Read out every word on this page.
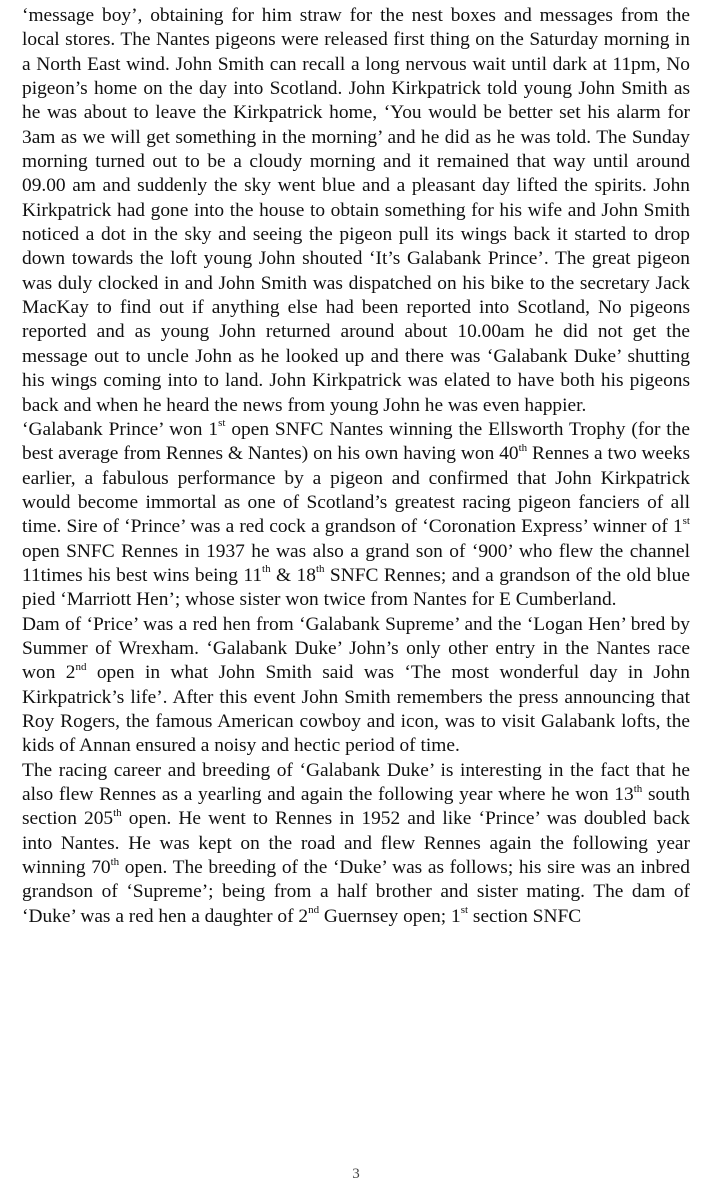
‘message boy’, obtaining for him straw for the nest boxes and messages from the local stores. The Nantes pigeons were released first thing on the Saturday morning in a North East wind. John Smith can recall a long nervous wait until dark at 11pm, No pigeon’s home on the day into Scotland. John Kirkpatrick told young John Smith as he was about to leave the Kirkpatrick home, ‘You would be better set his alarm for 3am as we will get something in the morning’ and he did as he was told. The Sunday morning turned out to be a cloudy morning and it remained that way until around 09.00 am and suddenly the sky went blue and a pleasant day lifted the spirits. John Kirkpatrick had gone into the house to obtain something for his wife and John Smith noticed a dot in the sky and seeing the pigeon pull its wings back it started to drop down towards the loft young John shouted ‘It’s Galabank Prince’. The great pigeon was duly clocked in and John Smith was dispatched on his bike to the secretary Jack MacKay to find out if anything else had been reported into Scotland, No pigeons reported and as young John returned around about 10.00am he did not get the message out to uncle John as he looked up and there was ‘Galabank Duke’ shutting his wings coming into to land. John Kirkpatrick was elated to have both his pigeons back and when he heard the news from young John he was even happier.

‘Galabank Prince’ won 1st open SNFC Nantes winning the Ellsworth Trophy (for the best average from Rennes & Nantes) on his own having won 40th Rennes a two weeks earlier, a fabulous performance by a pigeon and confirmed that John Kirkpatrick would become immortal as one of Scotland’s greatest racing pigeon fanciers of all time. Sire of ‘Prince’ was a red cock a grandson of ‘Coronation Express’ winner of 1st open SNFC Rennes in 1937 he was also a grand son of ‘900’ who flew the channel 11times his best wins being 11th & 18th SNFC Rennes; and a grandson of the old blue pied ‘Marriott Hen’; whose sister won twice from Nantes for E Cumberland.

Dam of ‘Price’ was a red hen from ‘Galabank Supreme’ and the ‘Logan Hen’ bred by Summer of Wrexham. ‘Galabank Duke’ John’s only other entry in the Nantes race won 2nd open in what John Smith said was ‘The most wonderful day in John Kirkpatrick’s life’. After this event John Smith remembers the press announcing that Roy Rogers, the famous American cowboy and icon, was to visit Galabank lofts, the kids of Annan ensured a noisy and hectic period of time.

The racing career and breeding of ‘Galabank Duke’ is interesting in the fact that he also flew Rennes as a yearling and again the following year where he won 13th south section 205th open. He went to Rennes in 1952 and like ‘Prince’ was doubled back into Nantes. He was kept on the road and flew Rennes again the following year winning 70th open. The breeding of the ‘Duke’ was as follows; his sire was an inbred grandson of ‘Supreme’; being from a half brother and sister mating. The dam of ‘Duke’ was a red hen a daughter of 2nd Guernsey open; 1st section SNFC

3
